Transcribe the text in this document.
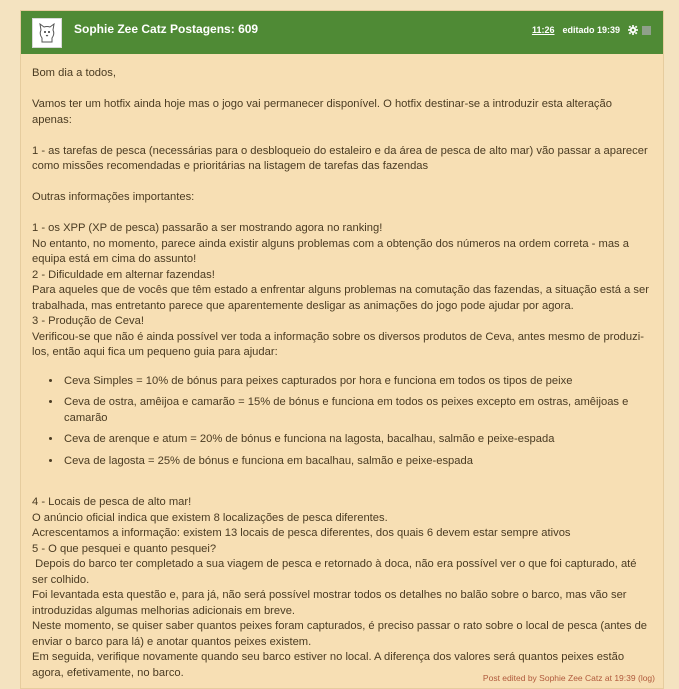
Sophie Zee Catz Postagens: 609	11:26 editado 19:39

Bom dia a todos,

Vamos ter um hotfix ainda hoje mas o jogo vai permanecer disponível. O hotfix destinar-se a introduzir esta alteração apenas:

1 - as tarefas de pesca (necessárias para o desbloqueio do estaleiro e da área de pesca de alto mar) vão passar a aparecer como missões recomendadas e prioritárias na listagem de tarefas das fazendas

Outras informações importantes:

1 - os XPP (XP de pesca) passarão a ser mostrando agora no ranking!

No entanto, no momento, parece ainda existir alguns problemas com a obtenção dos números na ordem correta - mas a equipa está em cima do assunto!

2 - Dificuldade em alternar fazendas!

Para aqueles que de vocês que têm estado a enfrentar alguns problemas na comutação das fazendas, a situação está a ser trabalhada, mas entretanto parece que aparentemente desligar as animações do jogo pode ajudar por agora.

3 - Produção de Ceva!

Verificou-se que não é ainda possível ver toda a informação sobre os diversos produtos de Ceva, antes mesmo de produzi-los, então aqui fica um pequeno guia para ajudar:

• Ceva Simples = 10% de bónus para peixes capturados por hora e funciona em todos os tipos de peixe
• Ceva de ostra, amêijoa e camarão = 15% de bónus e funciona em todos os peixes excepto em ostras, amêijoas e camarão
• Ceva de arenque e atum = 20% de bónus e funciona na lagosta, bacalhau, salmão e peixe-espada
• Ceva de lagosta = 25% de bónus e funciona em bacalhau, salmão e peixe-espada

4 - Locais de pesca de alto mar!

O anúncio oficial indica que existem 8 localizações de pesca diferentes.

Acrescentamos a informação: existem 13 locais de pesca diferentes, dos quais 6 devem estar sempre ativos

5 - O que pesquei e quanto pesquei?

Depois do barco ter completado a sua viagem de pesca e retornado à doca, não era possível ver o que foi capturado, até ser colhido.

Foi levantada esta questão e, para já, não será possível mostrar todos os detalhes no balão sobre o barco, mas vão ser introduzidas algumas melhorias adicionais em breve.

Neste momento, se quiser saber quantos peixes foram capturados, é preciso passar o rato sobre o local de pesca (antes de enviar o barco para lá) e anotar quantos peixes existem.

Em seguida, verifique novamente quando seu barco estiver no local. A diferença dos valores será quantos peixes estão agora, efetivamente, no barco.	Post edited by Sophie Zee Catz at 19:39 (log)
